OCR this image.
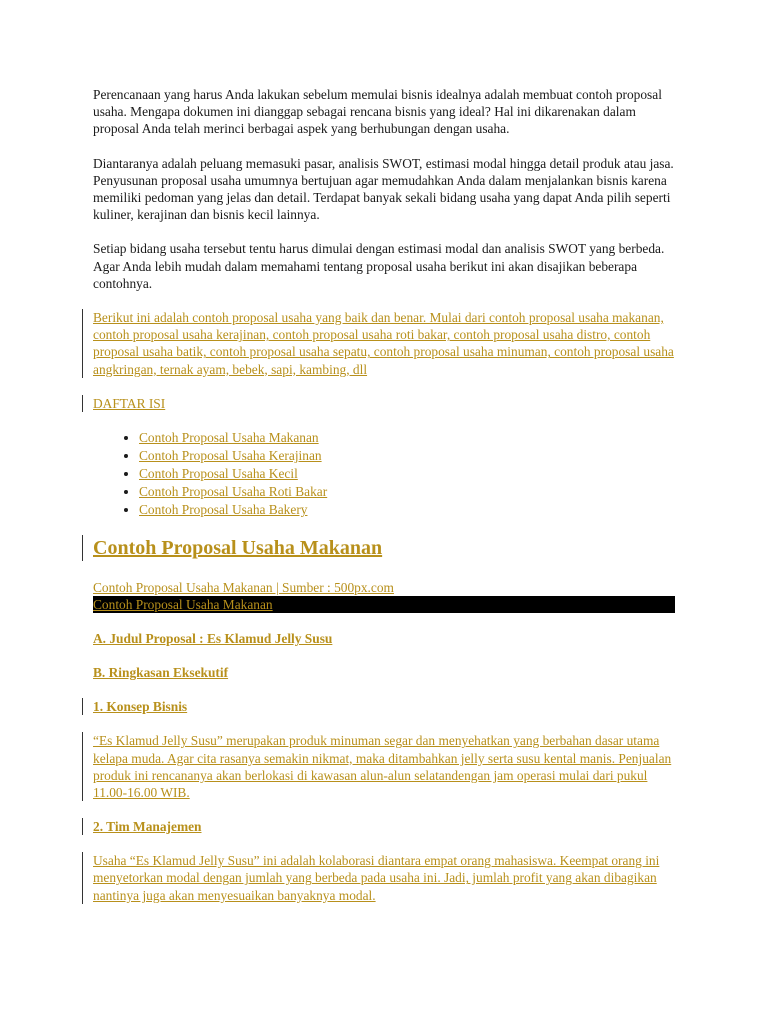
Perencanaan yang harus Anda lakukan sebelum memulai bisnis idealnya adalah membuat contoh proposal usaha. Mengapa dokumen ini dianggap sebagai rencana bisnis yang ideal? Hal ini dikarenakan dalam proposal Anda telah merinci berbagai aspek yang berhubungan dengan usaha.

Diantaranya adalah peluang memasuki pasar, analisis SWOT, estimasi modal hingga detail produk atau jasa. Penyusunan proposal usaha umumnya bertujuan agar memudahkan Anda dalam menjalankan bisnis karena memiliki pedoman yang jelas dan detail. Terdapat banyak sekali bidang usaha yang dapat Anda pilih seperti kuliner, kerajinan dan bisnis kecil lainnya.

Setiap bidang usaha tersebut tentu harus dimulai dengan estimasi modal dan analisis SWOT yang berbeda. Agar Anda lebih mudah dalam memahami tentang proposal usaha berikut ini akan disajikan beberapa contohnya.

Berikut ini adalah contoh proposal usaha yang baik dan benar. Mulai dari contoh proposal usaha makanan, contoh proposal usaha kerajinan, contoh proposal usaha roti bakar, contoh proposal usaha distro, contoh proposal usaha batik, contoh proposal usaha sepatu, contoh proposal usaha minuman, contoh proposal usaha angkringan, ternak ayam, bebek, sapi, kambing, dll
DAFTAR ISI
• Contoh Proposal Usaha Makanan
• Contoh Proposal Usaha Kerajinan
• Contoh Proposal Usaha Kecil
• Contoh Proposal Usaha Roti Bakar
• Contoh Proposal Usaha Bakery
Contoh Proposal Usaha Makanan
Contoh Proposal Usaha Makanan | Sumber : 500px.com
Contoh Proposal Usaha Makanan
A. Judul Proposal : Es Klamud Jelly Susu
B. Ringkasan Eksekutif
1. Konsep Bisnis
“Es Klamud Jelly Susu” merupakan produk minuman segar dan menyehatkan yang berbahan dasar utama kelapa muda. Agar cita rasanya semakin nikmat, maka ditambahkan jelly serta susu kental manis. Penjualan produk ini rencananya akan berlokasi di kawasan alun-alun selatandengan jam operasi mulai dari pukul 11.00-16.00 WIB.
2. Tim Manajemen
Usaha “Es Klamud Jelly Susu” ini adalah kolaborasi diantara empat orang mahasiswa. Keempat orang ini menyetorkan modal dengan jumlah yang berbeda pada usaha ini. Jadi, jumlah profit yang akan dibagikan nantinya juga akan menyesuaikan banyaknya modal.
